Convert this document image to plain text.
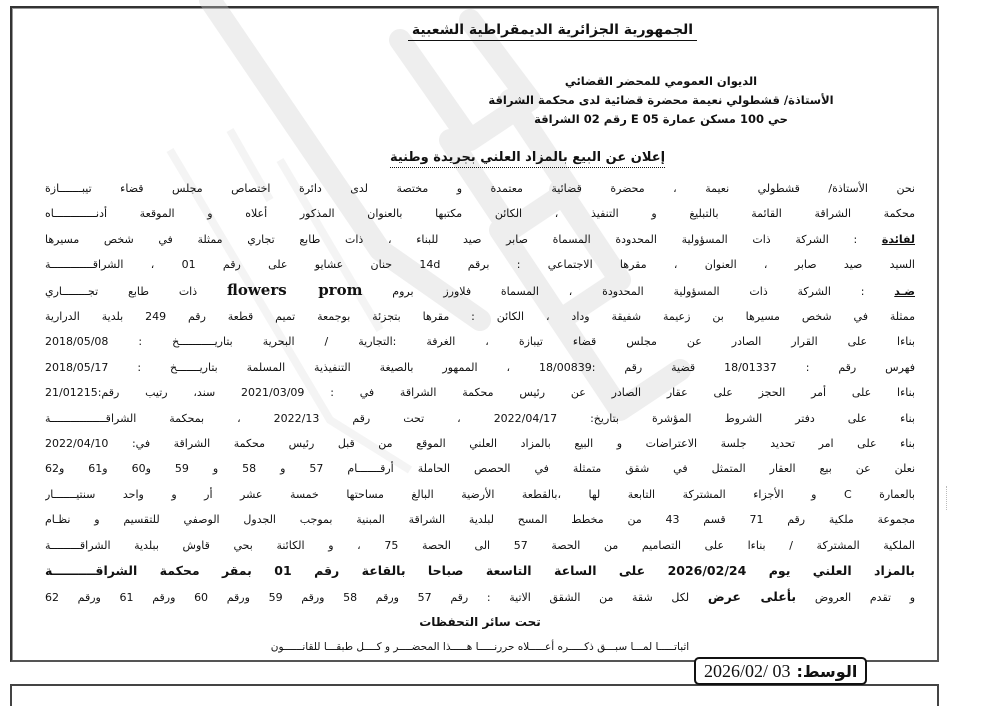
الجمهورية الجزائرية الديمقراطية الشعبية
الديوان العمومي للمحضر القضائي
الأستاذة/ قشطولي نعيمة محضرة قضائية لدى محكمة الشراقة
حي 100 مسكن عمارة E 05 رقم 02 الشراقة
إعلان عن البيع بالمزاد العلني بجريدة وطنية
نحن الأستاذة/ قشطولي نعيمة ، محضرة قضائية معتمدة و مختصة لدى دائرة اختصاص مجلس قضاء تيبـــــــازة
محكمة الشراقة القائمة بالتبليغ و التنفيذ ، الكائن مكتبها بالعنوان المذكور أعلاه و الموقعة أدنـــــــــــــاه
لفائدة : الشركة ذات المسؤولية المحدودة المسماة صابر صيد للبناء ، ذات طابع تجاري ممثلة في شخص مسيرها
السيد صيد صابر ، العنوان ، مقرها الاجتماعي : برقم 14d حنان عشايو على رقم 01 ، الشراقـــــــــــــة
ضـد : الشركة ذات المسؤولية المحدودة ، المسماة فلاورز بروم flowers prom ذات طابع تجــــــــاري
ممثلة في شخص مسيرها بن زعيمة شفيقة وداد ، الكائن : مقرها بتجزئة بوجمعة تميم قطعة رقم 249 بلدية الدرارية
بناءا على القرار الصادر عن مجلس قضاء تيبازة ، الغرفة :التجارية / البحرية بتاريـــــــــــخ : 2018/05/08
فهرس رقم : 18/01337 قضية رقم :18/00839 ، الممهور بالصيغة التنفيذية المسلمة بتاريـــــــخ : 2018/05/17
بناءا على أمر الحجز على عقار الصادر عن رئيس محكمة الشراقة في : 2021/03/09 سند، رتيب رقم:21/01215
بناء على دفتر الشروط المؤشرة بتاريخ: 2022/04/17 ، تحت رقم 2022/13 ، بمحكمة الشراقـــــــــــــــــة
بناء على امر تحديد جلسة الاعتراضات و البيع بالمزاد العلني الموقع من قبل رئيس محكمة الشراقة في: 2022/04/10
نعلن عن بيع العقار المتمثل في شقق متمثلة في الحصص الحاملة أرقـــــــام 57 و 58 و 59 و60 و61 و62
بالعمارة C و الأجزاء المشتركة التابعة لها ،بالقطعة الأرضية البالغ مساحتها خمسة عشر أر و واحد سنتيـــــــار
مجموعة ملكية رقم 71 قسم 43 من مخطط المسح لبلدية الشراقة المبنية بموجب الجدول الوصفي للتقسيم و نظـام
الملكية المشتركة / بناءا على التصاميم من الحصة 57 الى الحصة 75 ، و الكائنة بحي قاوش ببلدية الشراقـــــــــة
بالمزاد العلني يوم 2026/02/24 على الساعة التاسعة صباحا بالقاعة رقم 01 بمقر محكمة الشراقــــــــــة
و تقدم العروض بأعلى عرض لكل شقة من الشقق الاتية : رقم 57 ورقم 58 ورقم 59 ورقم 60 ورقم 61 ورقم 62
تحت سائر التحفظات
اثباتـــــا لمـــا سبـــق ذكـــــره أعـــــلاه حررنـــــا هـــــذا المحضــــر و كــــل طبقـــا للقانــــــون
الوسط:
2026/02/ 03
